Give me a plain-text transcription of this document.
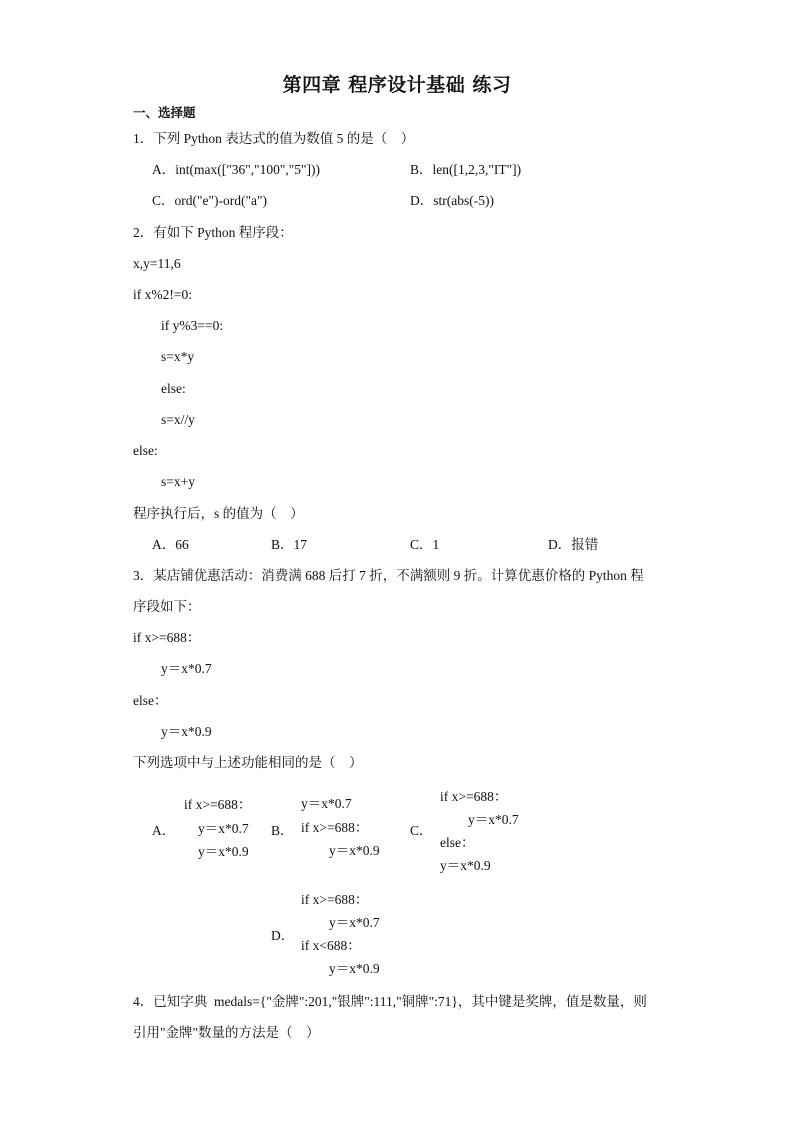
第四章 程序设计基础 练习
一、选择题
1．下列 Python 表达式的值为数值 5 的是（    ）
A．int(max(["36","100","5"]))	B．len([1,2,3,"IT"])
C．ord("e")-ord("a")	D．str(abs(-5))
2．有如下 Python 程序段：
x,y=11,6
if x%2!=0:
if y%3==0:
s=x*y
else:
s=x//y
else:
s=x+y
程序执行后，s 的值为（    ）
A．66	B．17	C．1	D．报错
3．某店铺优惠活动：消费满 688 后打 7 折，不满额则 9 折。计算优惠价格的 Python 程
序段如下：
if x>=688：
y＝x*0.7
else：
y＝x*0.9
下列选项中与上述功能相同的是（    ）
A．
if x>=688：
y＝x*0.7
y＝x*0.9
B．
y＝x*0.7
if x>=688：
y＝x*0.9
C．
if x>=688：
y＝x*0.7
else：
y＝x*0.9
D．
if x>=688：
y＝x*0.7
if x<688：
y＝x*0.9
4．已知字典  medals={"金牌":201,"银牌":111,"铜牌":71}，其中键是奖牌，值是数量，则
引用"金牌"数量的方法是（    ）
